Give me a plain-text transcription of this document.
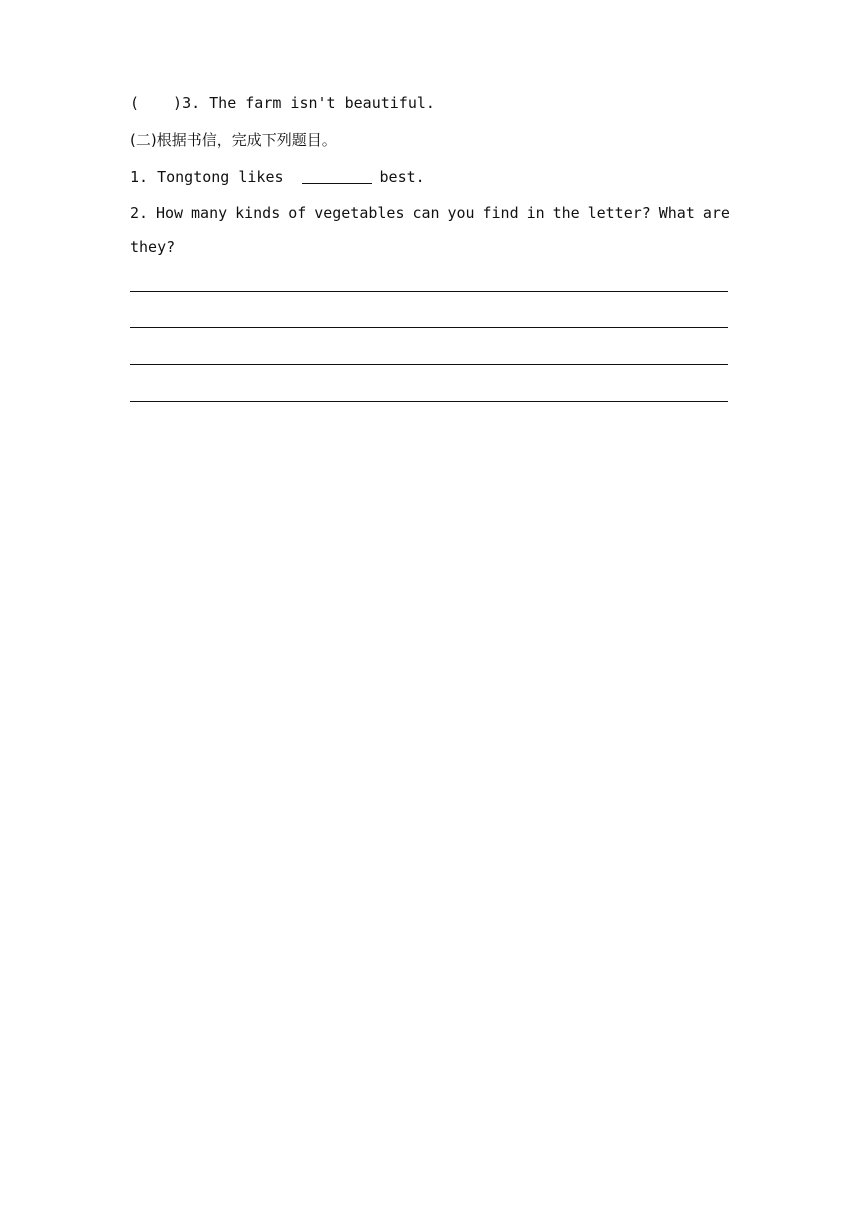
( )3. The farm isn't beautiful.
(二)根据书信，完成下列题目。
1. Tongtong likes	best.
2. How many kinds of vegetables can you find in the letter? What are
they?
